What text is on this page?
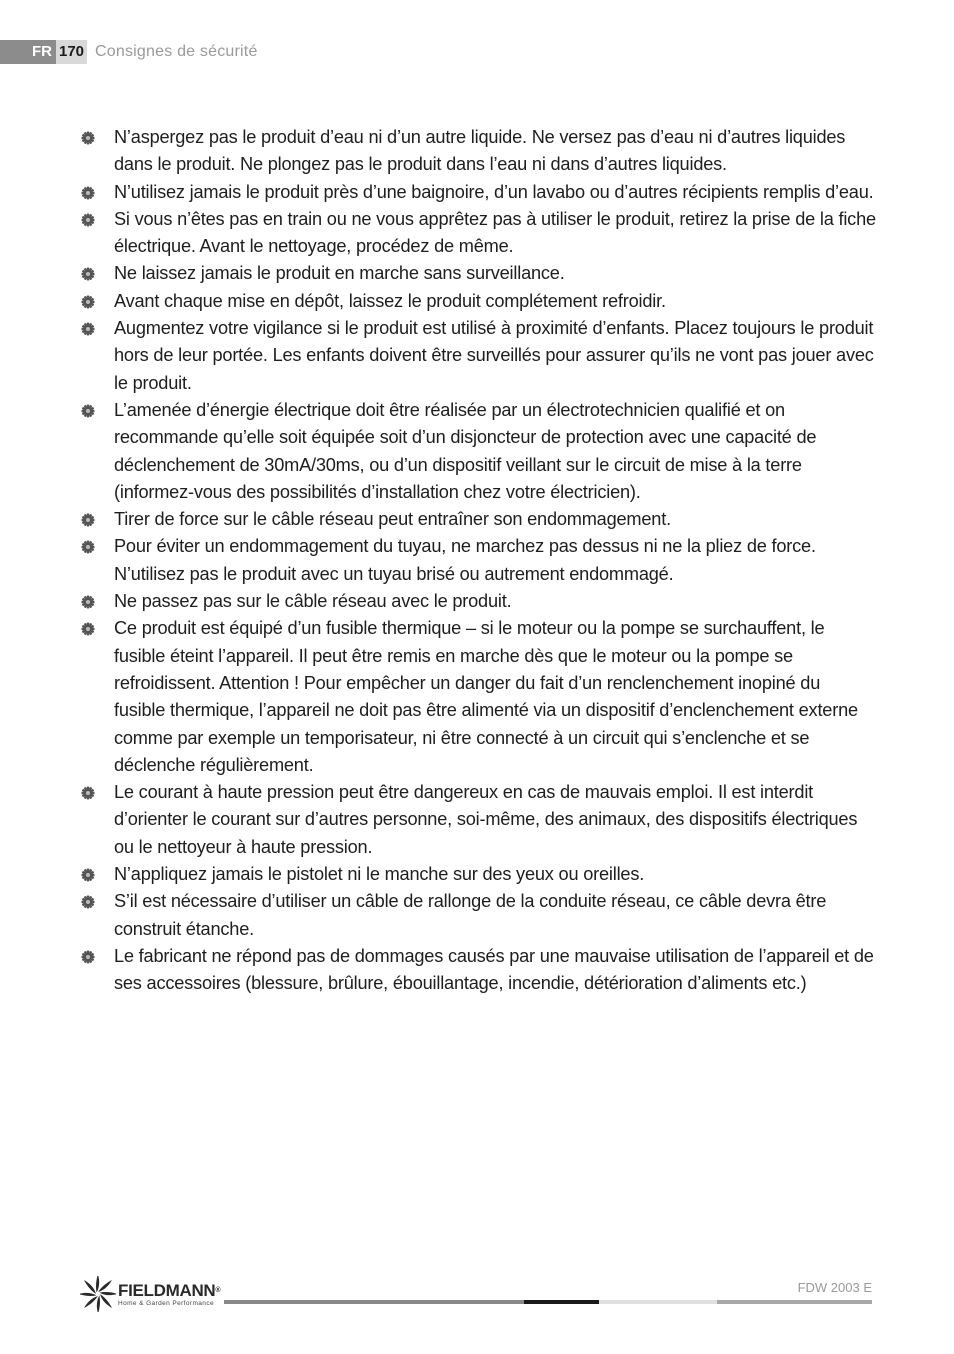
FR 170 Consignes de sécurité
N’aspergez pas le produit d’eau ni d’un autre liquide. Ne versez pas d’eau ni d’autres liquides dans le produit. Ne plongez pas le produit dans l’eau ni dans d’autres liquides.
N’utilisez jamais le produit près d’une baignoire, d’un lavabo ou d’autres récipients remplis d’eau.
Si vous n’êtes pas en train ou ne vous apprêtez pas à utiliser le produit, retirez la prise de la fiche électrique. Avant le nettoyage, procédez de même.
Ne laissez jamais le produit en marche sans surveillance.
Avant chaque mise en dépôt, laissez le produit complétement refroidir.
Augmentez votre vigilance si le produit est utilisé à proximité d’enfants. Placez toujours le produit hors de leur portée. Les enfants doivent être surveillés pour assurer qu’ils ne vont pas jouer avec le produit.
L’amenée d’énergie électrique doit être réalisée par un électrotechnicien qualifié et on recommande qu’elle soit équipée soit d’un disjoncteur de protection avec une capacité de déclenchement de 30mA/30ms, ou d’un dispositif veillant sur le circuit de mise à la terre (informez-vous des possibilités d’installation chez votre électricien).
Tirer de force sur le câble réseau peut entraîner son endommagement.
Pour éviter un endommagement du tuyau, ne marchez pas dessus ni ne la pliez de force. N’utilisez pas le produit avec un tuyau brisé ou autrement endommagé.
Ne passez pas sur le câble réseau avec le produit.
Ce produit est équipé d’un fusible thermique – si le moteur ou la pompe se surchauffent, le fusible éteint l’appareil. Il peut être remis en marche dès que le moteur ou la pompe se refroidissent. Attention ! Pour empêcher un danger du fait d’un renclenchement inopiné du fusible thermique, l’appareil ne doit pas être alimenté via un dispositif d’enclenchement externe comme par exemple un temporisateur, ni être connecté à un circuit qui s’enclenche et se déclenche régulièrement.
Le courant à haute pression peut être dangereux en cas de mauvais emploi. Il est interdit d’orienter le courant sur d’autres personne, soi-même, des animaux, des dispositifs électriques ou le nettoyeur à haute pression.
N’appliquez jamais le pistolet ni le manche sur des yeux ou oreilles.
S’il est nécessaire d’utiliser un câble de rallonge de la conduite réseau, ce câble devra être construit étanche.
Le fabricant ne répond pas de dommages causés par une mauvaise utilisation de l’appareil et de ses accessoires (blessure, brûlure, ébouillantage, incendie, détérioration d’aliments etc.)
FIELDMANN®
Home & Garden Performance
FDW 2003 E
